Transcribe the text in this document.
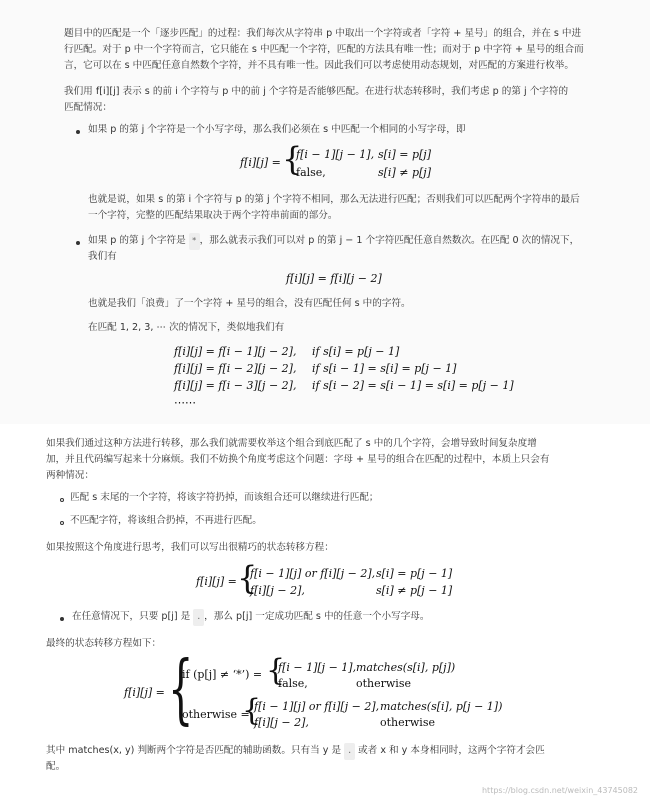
题目中的匹配是一个「逐步匹配」的过程：我们每次从字符串 p 中取出一个字符或者「字符 + 星号」的组合，并在 s 中进
行匹配。对于 p 中一个字符而言，它只能在 s 中匹配一个字符，匹配的方法具有唯一性；而对于 p 中字符 + 星号的组合而
言，它可以在 s 中匹配任意自然数个字符，并不具有唯一性。因此我们可以考虑使用动态规划，对匹配的方案进行枚举。
我们用 f[i][j] 表示 s 的前 i 个字符与 p 中的前 j 个字符是否能够匹配。在进行状态转移时，我们考虑 p 的第 j 个字符的
匹配情况：
如果 p 的第 j 个字符是一个小写字母，那么我们必须在 s 中匹配一个相同的小写字母，即
f[i][j] = {
f[i − 1][j − 1], s[i] = p[j]
false,	s[i] ≠ p[j]
也就是说，如果 s 的第 i 个字符与 p 的第 j 个字符不相同，那么无法进行匹配；否则我们可以匹配两个字符串的最后
一个字符，完整的匹配结果取决于两个字符串前面的部分。
如果 p 的第 j 个字符是 * ，那么就表示我们可以对 p 的第 j − 1 个字符匹配任意自然数次。在匹配 0 次的情况下，
我们有
f[i][j] = f[i][j − 2]
也就是我们「浪费」了一个字符 + 星号的组合，没有匹配任何 s 中的字符。
在匹配 1, 2, 3, ⋯ 次的情况下，类似地我们有
f[i][j] = f[i − 1][j − 2], if s[i] = p[j − 1]
f[i][j] = f[i − 2][j − 2], if s[i − 1] = s[i] = p[j − 1]
f[i][j] = f[i − 3][j − 2], if s[i − 2] = s[i − 1] = s[i] = p[j − 1]
⋯⋯
如果我们通过这种方法进行转移，那么我们就需要枚举这个组合到底匹配了 s 中的几个字符，会增导致时间复杂度增
加，并且代码编写起来十分麻烦。我们不妨换个角度考虑这个问题：字母 + 星号的组合在匹配的过程中，本质上只会有
两种情况：
匹配 s 末尾的一个字符，将该字符扔掉，而该组合还可以继续进行匹配；
不匹配字符，将该组合扔掉，不再进行匹配。
如果按照这个角度进行思考，我们可以写出很精巧的状态转移方程：
f[i][j] = {
f[i − 1][j] or f[i][j − 2], s[i] = p[j − 1]
f[i][j − 2],	s[i] ≠ p[j − 1]
在任意情况下，只要 p[j] 是 . ，那么 p[j] 一定成功匹配 s 中的任意一个小写字母。
最终的状态转移方程如下：
f[i][j] = {
if (p[j] ≠ ‘*’) = {
f[i − 1][j − 1], matches(s[i], p[j])
false,	otherwise
otherwise =
{
f[i − 1][j] or f[i][j − 2], matches(s[i], p[j − 1])
f[i][j − 2],	otherwise
其中 matches(x, y) 判断两个字符是否匹配的辅助函数。只有当 y 是 . 或者 x 和 y 本身相同时，这两个字符才会匹
配。
https://blog.csdn.net/weixin_43745082
